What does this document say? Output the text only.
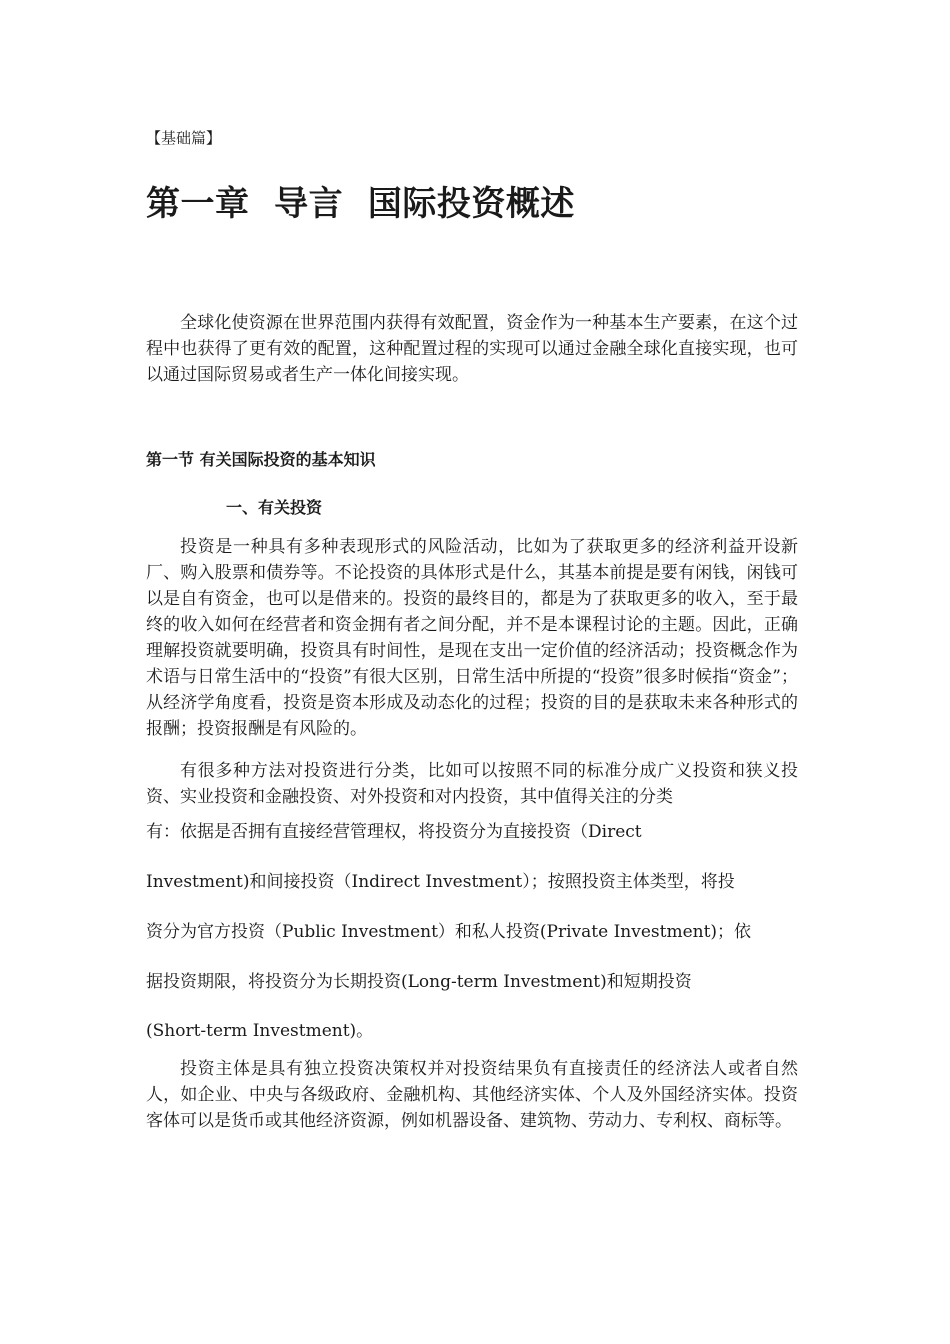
【基础篇】
第一章  导言  国际投资概述

全球化使资源在世界范围内获得有效配置，资金作为一种基本生产要素，在这个过程中也获得了更有效的配置，这种配置过程的实现可以通过金融全球化直接实现，也可以通过国际贸易或者生产一体化间接实现。

第一节 有关国际投资的基本知识
一、有关投资

投资是一种具有多种表现形式的风险活动，比如为了获取更多的经济利益开设新厂、购入股票和债券等。不论投资的具体形式是什么，其基本前提是要有闲钱，闲钱可以是自有资金，也可以是借来的。投资的最终目的，都是为了获取更多的收入，至于最终的收入如何在经营者和资金拥有者之间分配，并不是本课程讨论的主题。因此，正确理解投资就要明确，投资具有时间性，是现在支出一定价值的经济活动；投资概念作为术语与日常生活中的“投资”有很大区别，日常生活中所提的“投资”很多时候指“资金”；从经济学角度看，投资是资本形成及动态化的过程；投资的目的是获取未来各种形式的报酬；投资报酬是有风险的。

有很多种方法对投资进行分类，比如可以按照不同的标准分成广义投资和狭义投资、实业投资和金融投资、对外投资和对内投资，其中值得关注的分类

有：依据是否拥有直接经营管理权，将投资分为直接投资（Direct
Investment)和间接投资（Indirect Investment）；按照投资主体类型，将投
资分为官方投资（Public Investment）和私人投资(Private Investment)；依
据投资期限，将投资分为长期投资(Long-term Investment)和短期投资
(Short-term Investment)。

投资主体是具有独立投资决策权并对投资结果负有直接责任的经济法人或者自然人，如企业、中央与各级政府、金融机构、其他经济实体、个人及外国经济实体。投资客体可以是货币或其他经济资源，例如机器设备、建筑物、劳动力、专利权、商标等。
